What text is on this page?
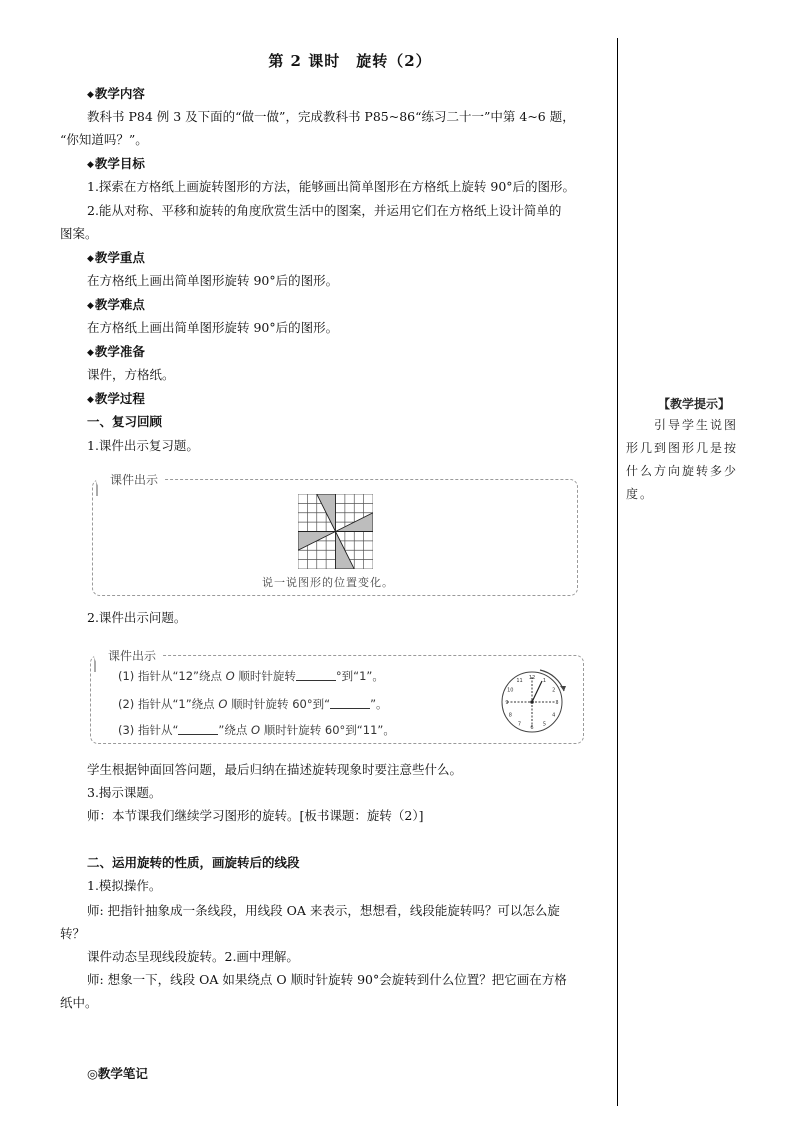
第 2 课时　旋转（2）
◆教学内容
教科书 P84 例 3 及下面的“做一做”，完成教科书 P85~86“练习二十一”中第 4~6 题，
“你知道吗？”。
◆教学目标
1.探索在方格纸上画旋转图形的方法，能够画出简单图形在方格纸上旋转 90°后的图形。
2.能从对称、平移和旋转的角度欣赏生活中的图案，并运用它们在方格纸上设计简单的
图案。
◆教学重点
在方格纸上画出简单图形旋转 90°后的图形。
◆教学难点
在方格纸上画出简单图形旋转 90°后的图形。
◆教学准备
课件，方格纸。
◆教学过程
一、复习回顾
1.课件出示复习题。
课件出示
说一说图形的位置变化。
2.课件出示问题。
课件出示
(1) 指针从“12”绕点 O 顺时针旋转	°到“1”。
(2) 指针从“1”绕点 O 顺时针旋转 60°到“	”。
(3) 指针从“	”绕点 O 顺时针旋转 60°到“11”。
12
1
2
3
4
5
6
7
8
9
10
11
学生根据钟面回答问题，最后归纳在描述旋转现象时要注意些什么。
3.揭示课题。
师：本节课我们继续学习图形的旋转。[板书课题：旋转（2）]
二、运用旋转的性质，画旋转后的线段
1.模拟操作。
师: 把指针抽象成一条线段，用线段 OA 来表示，想想看，线段能旋转吗？可以怎么旋
转？
课件动态呈现线段旋转。2.画中理解。
师: 想象一下，线段 OA 如果绕点 O 顺时针旋转 90°会旋转到什么位置？把它画在方格
纸中。
◎教学笔记
【教学提示】
引导学生说图
形几到图形几是按
什么方向旋转多少
度。
